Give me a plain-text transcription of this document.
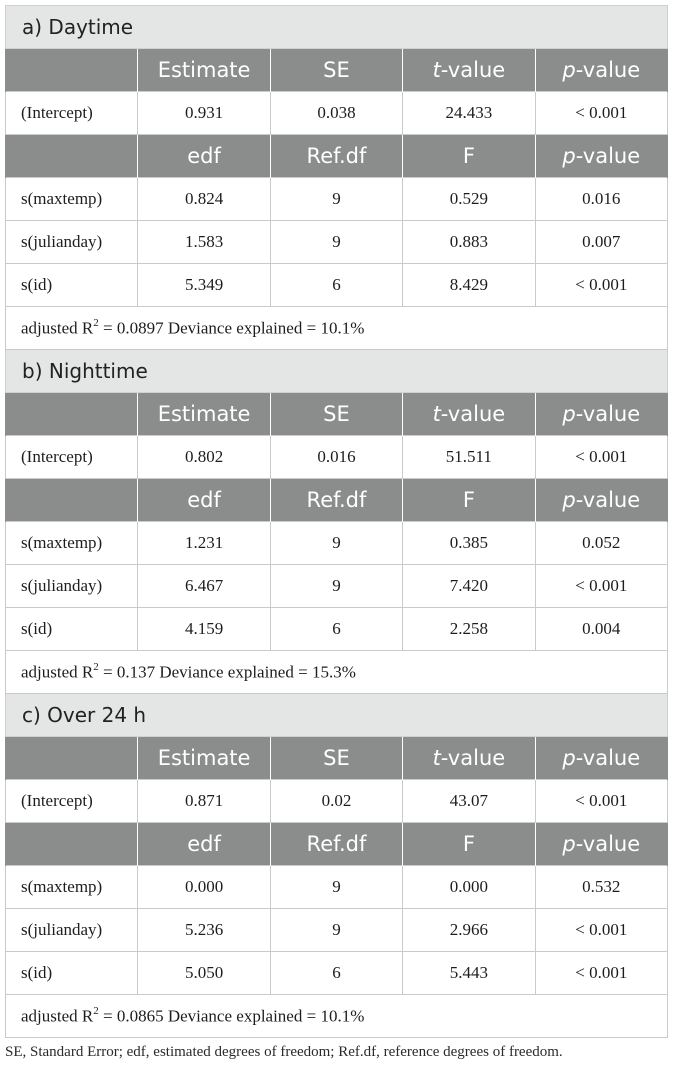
a) Daytime				
	Estimate	SE	t-value	p-value
(Intercept)	0.931	0.038	24.433	< 0.001
	edf	Ref.df	F	p-value
s(maxtemp)	0.824	9	0.529	0.016
s(julianday)	1.583	9	0.883	0.007
s(id)	5.349	6	8.429	< 0.001
adjusted $R^2 = 0.0897$ Deviance explained = 10.1%				
b) Nighttime				
	Estimate	SE	t-value	p-value
(Intercept)	0.802	0.016	51.511	< 0.001
	edf	Ref.df	F	p-value
s(maxtemp)	1.231	9	0.385	0.052
s(julianday)	6.467	9	7.420	< 0.001
s(id)	4.159	6	2.258	0.004
adjusted $R^2 = 0.137$ Deviance explained = 15.3%				
c) Over 24 h				
	Estimate	SE	t-value	p-value
(Intercept)	0.871	0.02	43.07	< 0.001
	edf	Ref.df	F	p-value
s(maxtemp)	0.000	9	0.000	0.532
s(julianday)	5.236	9	2.966	< 0.001
s(id)	5.050	6	5.443	< 0.001
adjusted $R^2 = 0.0865$ Deviance explained = 10.1%				
SE, Standard Error; edf, estimated degrees of freedom; Ref.df, reference degrees of freedom.
